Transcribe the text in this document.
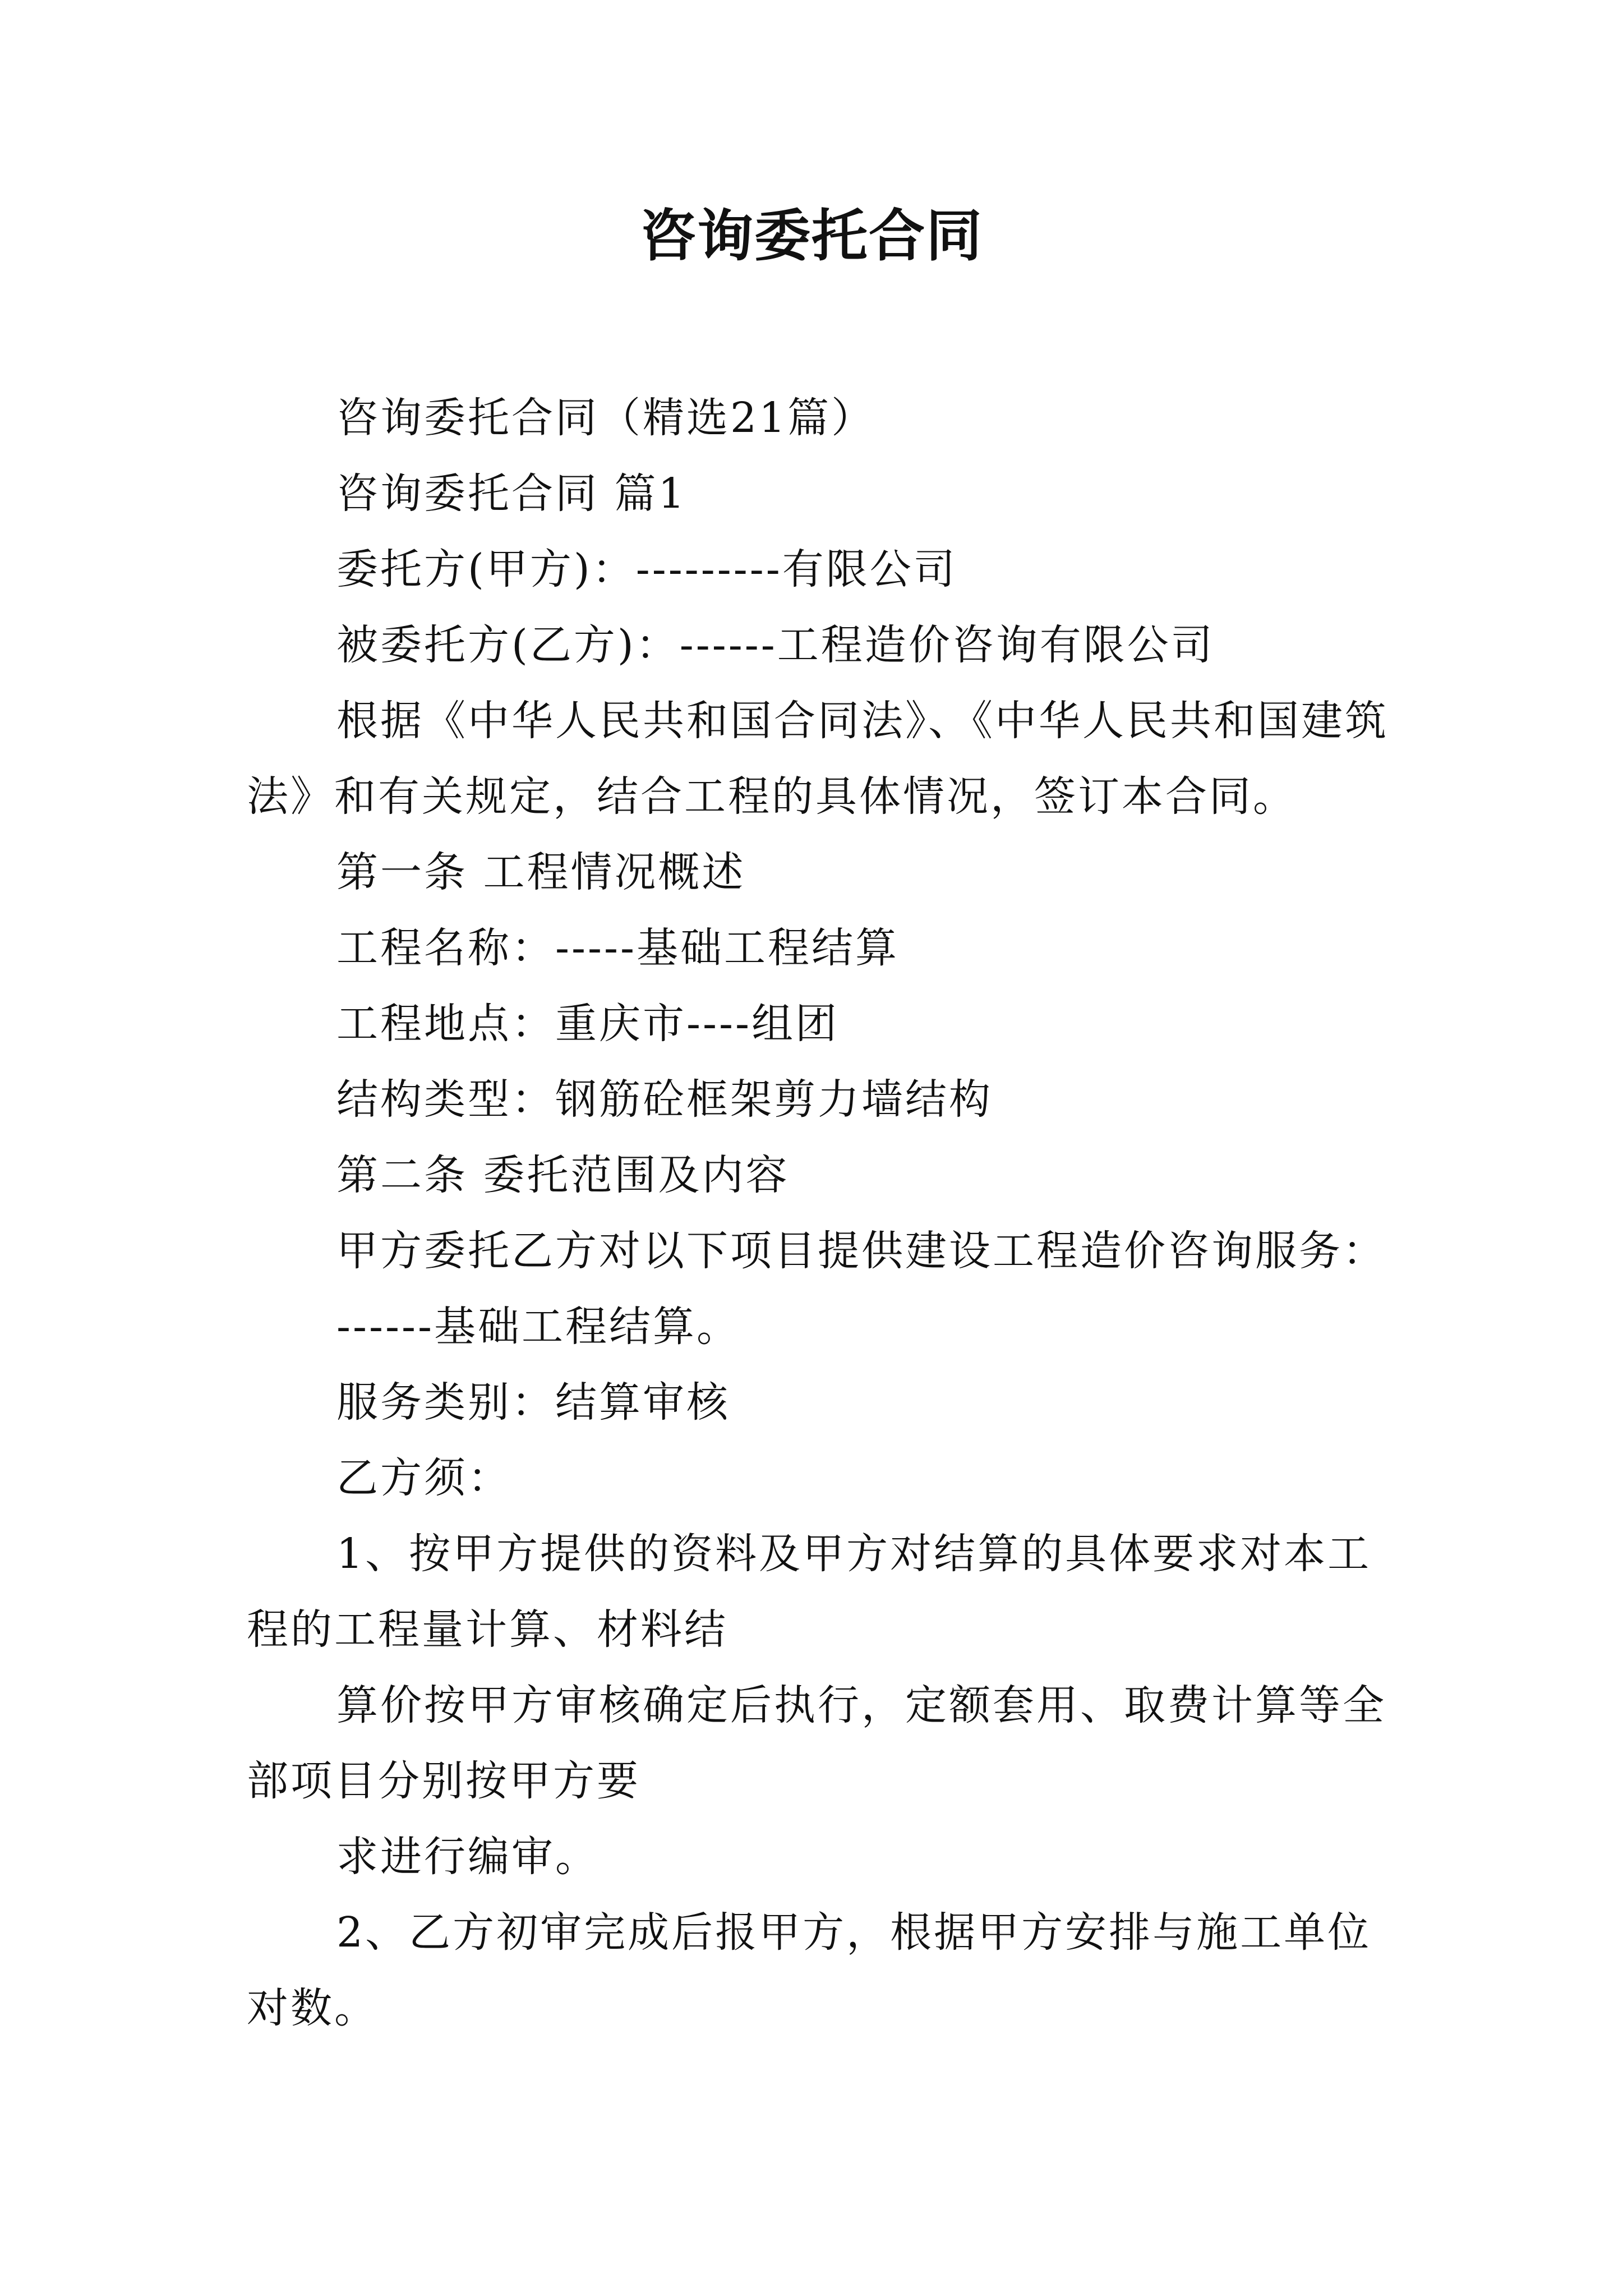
咨询委托合同
咨询委托合同（精选21篇）
咨询委托合同 篇1
委托方(甲方)：---------有限公司
被委托方(乙方)：------工程造价咨询有限公司
根据《中华人民共和国合同法》、《中华人民共和国建筑
法》和有关规定，结合工程的具体情况，签订本合同。
第一条 工程情况概述
工程名称：-----基础工程结算
工程地点：重庆市----组团
结构类型：钢筋砼框架剪力墙结构
第二条 委托范围及内容
甲方委托乙方对以下项目提供建设工程造价咨询服务：
------基础工程结算。
服务类别：结算审核
乙方须：
1、按甲方提供的资料及甲方对结算的具体要求对本工
程的工程量计算、材料结
算价按甲方审核确定后执行，定额套用、取费计算等全
部项目分别按甲方要
求进行编审。
2、乙方初审完成后报甲方，根据甲方安排与施工单位
对数。
